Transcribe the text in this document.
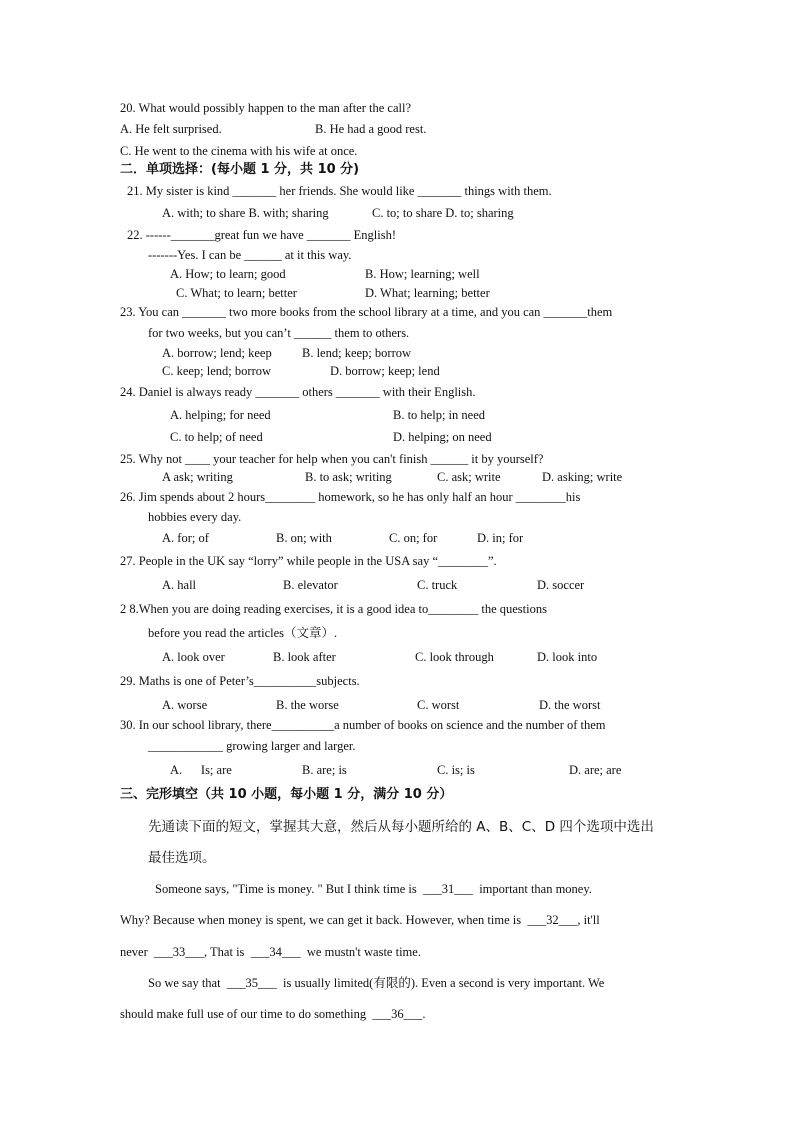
20. What would possibly happen to the man after the call?
A. He felt surprised.	B. He had a good rest.
C. He went to the cinema with his wife at once.
二．单项选择：(每小题 1 分，共 10 分)
21. My sister is kind _______ her friends. She would like _______ things with them.
A. with; to share B. with; sharing	C. to; to share D. to; sharing
22. ------_______great fun we have _______ English!
-------Yes. I can be ______ at it this way.
A. How; to learn; good	B. How; learning; well
C. What; to learn; better	D. What; learning; better
23. You can _______ two more books from the school library at a time, and you can _______them
for two weeks, but you can’t ______ them to others.
A. borrow; lend; keep B. lend; keep; borrow
C. keep; lend; borrow	D. borrow; keep; lend
24. Daniel is always ready _______ others _______ with their English.
A. helping; for need	B. to help; in need
C. to help; of need	D. helping; on need
25. Why not ____ your teacher for help when you can't finish ______ it by yourself?
A ask; writing	B. to ask; writing	C. ask; write	D. asking; write
26. Jim spends about 2 hours________ homework, so he has only half an hour ________his
hobbies every day.
A. for; of	B. on; with	C. on; for	D. in; for
27. People in the UK say “lorry” while people in the USA say “________”.
A. hall	B. elevator	C. truck	D. soccer
2 8.When you are doing reading exercises, it is a good idea to________ the questions
before you read the articles（文章）.
A. look over	B. look after	C. look through	D. look into
29. Maths is one of Peter’s__________subjects.
A. worse	B. the worse	C. worst	D. the worst
30. In our school library, there__________a number of books on science and the number of them
____________ growing larger and larger.
A.      Is; are	B. are; is	C. is; is	D. are; are
三、完形填空（共 10 小题，每小题 1 分，满分 10 分）
先通读下面的短文，掌握其大意，然后从每小题所给的 A、B、C、D 四个选项中选出
最佳选项。
Someone says, "Time is money. " But I think time is  ___31___  important than money.
Why? Because when money is spent, we can get it back. However, when time is  ___32___, it'll
never  ___33___, That is  ___34___  we mustn't waste time.
So we say that  ___35___  is usually limited(有限的). Even a second is very important. We
should make full use of our time to do something  ___36___.
